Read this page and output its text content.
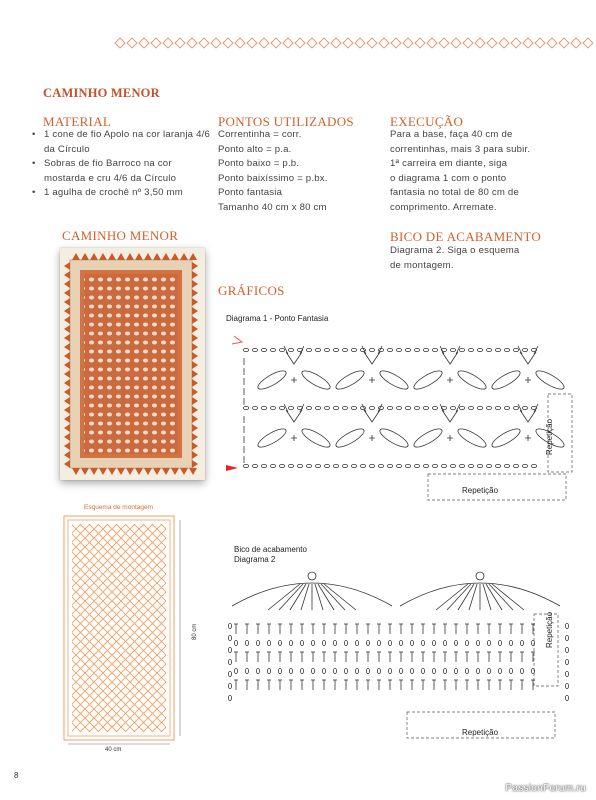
CAMINHO MENOR
MATERIAL
• 1 cone de fio Apolo na cor laranja 4/6 da Círculo
• Sobras de fio Barroco na cor mostarda e cru 4/6 da Círculo
• 1 agulha de crochê nº 3,50 mm
PONTOS UTILIZADOS
Correntinha = corr.
Ponto alto = p.a.
Ponto baixo = p.b.
Ponto baixíssimo = p.bx.
Ponto fantasia
Tamanho 40 cm x 80 cm
EXECUÇÃO
Para a base, faça 40 cm de
correntinhas, mais 3 para subir.
1ª carreira em diante, siga
o diagrama 1 com o ponto
fantasia no total de 80 cm de
comprimento. Arremate.
BICO DE ACABAMENTO
Diagrama 2. Siga o esquema
de montagem.
CAMINHO MENOR
GRÁFICOS
Diagrama 1 - Ponto Fantasia
Repetição
Repetição
Esquema de montagem
40 cm
80 cm
Bico de acabamento
Diagrama 2
Repetição
Repetição
8
PassionForum.ru
